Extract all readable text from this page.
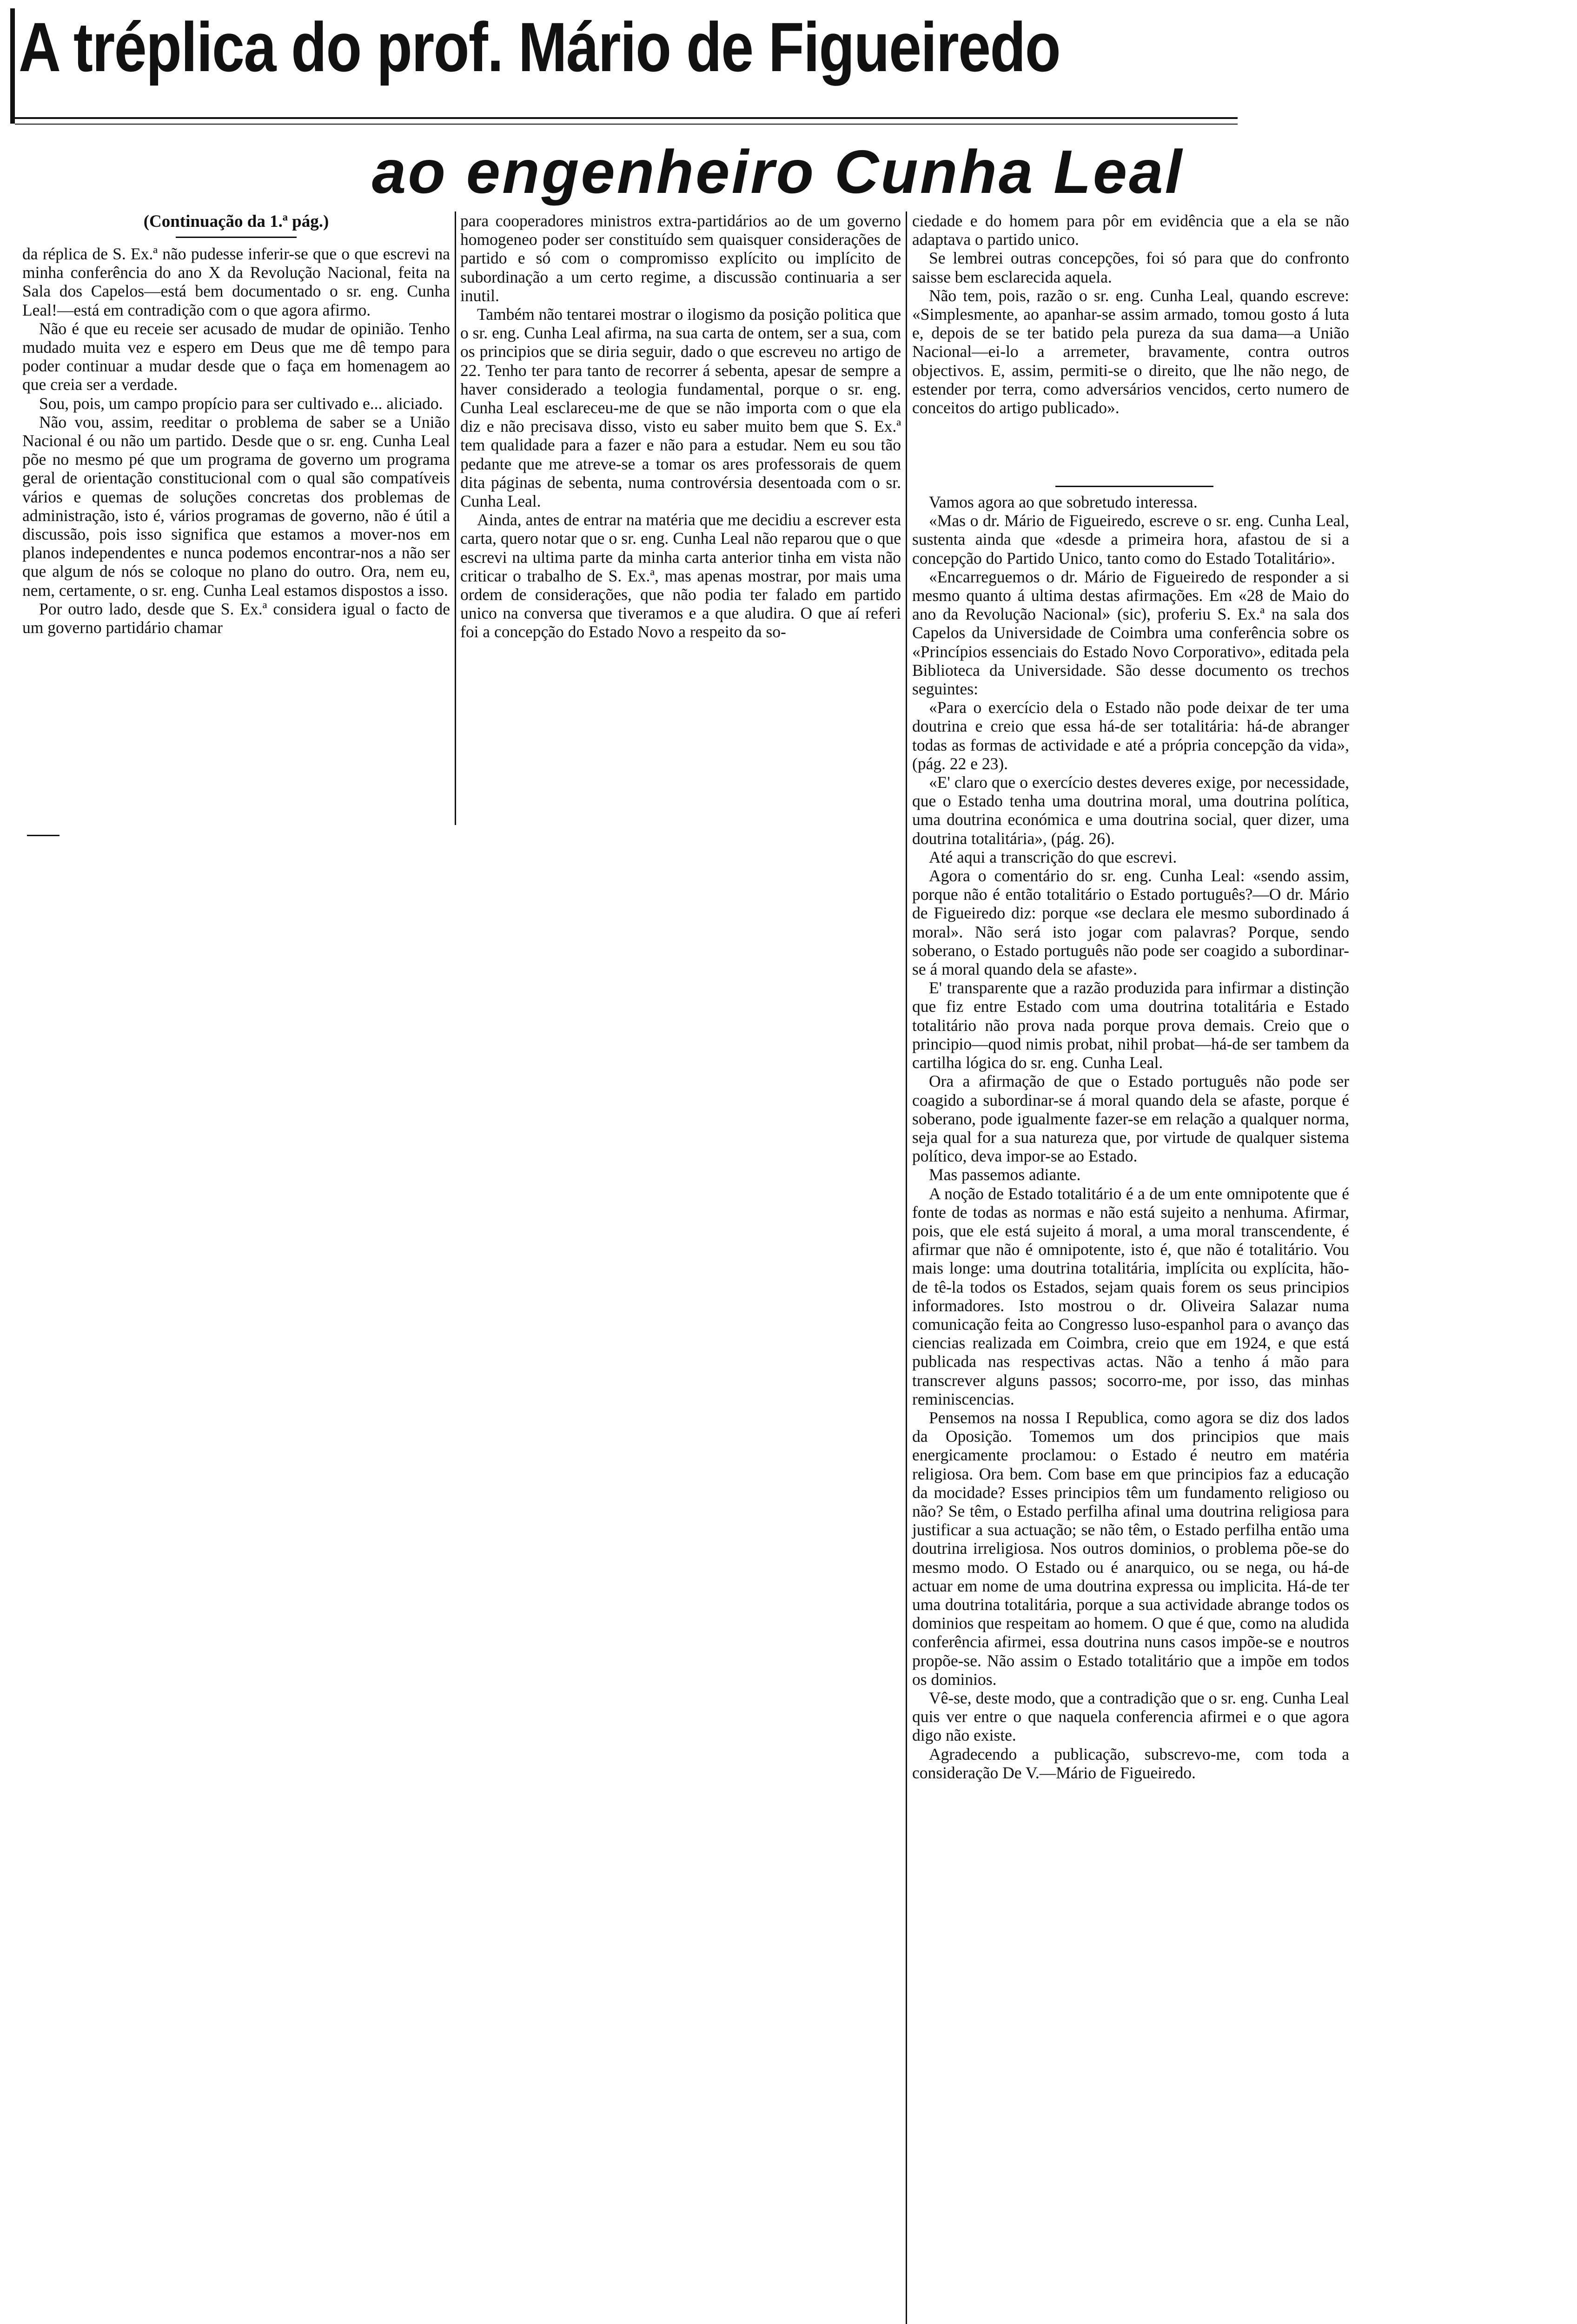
A tréplica do prof. Mário de Figueiredo
ao engenheiro Cunha Leal
(Continuação da 1.ª pág.)

da réplica de S. Ex.ª não pudesse inferir-se que o que escrevi na minha conferência do ano X da Revolução Nacional, feita na Sala dos Capelos—está bem documentado o sr. eng. Cunha Leal!—está em contradição com o que agora afirmo.

Não é que eu receie ser acusado de mudar de opinião. Tenho mudado muita vez e espero em Deus que me dê tempo para poder continuar a mudar desde que o faça em homenagem ao que creia ser a verdade.

Sou, pois, um campo propício para ser cultivado e... aliciado.

Não vou, assim, reeditar o problema de saber se a União Nacional é ou não um partido. Desde que o sr. eng. Cunha Leal põe no mesmo pé que um programa de governo um programa geral de orientação constitucional com o qual são compatíveis vários e quemas de soluções concretas dos problemas de administração, isto é, vários programas de governo, não é útil a discussão, pois isso significa que estamos a mover-nos em planos independentes e nunca podemos encontrar-nos a não ser que algum de nós se coloque no plano do outro. Ora, nem eu, nem, certamente, o sr. eng. Cunha Leal estamos dispostos a isso.

Por outro lado, desde que S. Ex.ª considera igual o facto de um governo partidário chamar

para cooperadores ministros extra-partidários ao de um governo homogeneo poder ser constituído sem quaisquer considerações de partido e só com o compromisso explícito ou implícito de subordinação a um certo regime, a discussão continuaria a ser inutil.

Também não tentarei mostrar o ilogismo da posição politica que o sr. eng. Cunha Leal afirma, na sua carta de ontem, ser a sua, com os principios que se diria seguir, dado o que escreveu no artigo de 22. Tenho ter para tanto de recorrer á sebenta, apesar de sempre a haver considerado a teologia fundamental, porque o sr. eng. Cunha Leal esclareceu-me de que se não importa com o que ela diz e não precisava disso, visto eu saber muito bem que S. Ex.ª tem qualidade para a fazer e não para a estudar. Nem eu sou tão pedante que me atreve-se a tomar os ares professorais de quem dita páginas de sebenta, numa controvérsia desentoada com o sr. Cunha Leal.

Ainda, antes de entrar na matéria que me decidiu a escrever esta carta, quero notar que o sr. eng. Cunha Leal não reparou que o que escrevi na ultima parte da minha carta anterior tinha em vista não criticar o trabalho de S. Ex.ª, mas apenas mostrar, por mais uma ordem de considerações, que não podia ter falado em partido unico na conversa que tiveramos e a que aludira. O que aí referi foi a concepção do Estado Novo a respeito da so-

ciedade e do homem para pôr em evidência que a ela se não adaptava o partido unico.

Se lembrei outras concepções, foi só para que do confronto saisse bem esclarecida aquela.

Não tem, pois, razão o sr. eng. Cunha Leal, quando escreve: «Simplesmente, ao apanhar-se assim armado, tomou gosto á luta e, depois de se ter batido pela pureza da sua dama—a União Nacional—ei-lo a arremeter, bravamente, contra outros objectivos. E, assim, permiti-se o direito, que lhe não nego, de estender por terra, como adversários vencidos, certo numero de conceitos do artigo publicado».

Vamos agora ao que sobretudo interessa.

«Mas o dr. Mário de Figueiredo, escreve o sr. eng. Cunha Leal, sustenta ainda que «desde a primeira hora, afastou de si a concepção do Partido Unico, tanto como do Estado Totalitário».

«Encarreguemos o dr. Mário de Figueiredo de responder a si mesmo quanto á ultima destas afirmações. Em «28 de Maio do ano da Revolução Nacional» (sic), proferiu S. Ex.ª na sala dos Capelos da Universidade de Coimbra uma conferência sobre os «Princípios essenciais do Estado Novo Corporativo», editada pela Biblioteca da Universidade. São desse documento os trechos seguintes:

«Para o exercício dela o Estado não pode deixar de ter uma doutrina e creio que essa há-de ser totalitária: há-de abranger todas as formas de actividade e até a própria concepção da vida», (pág. 22 e 23).

«E' claro que o exercício destes deveres exige, por necessidade, que o Estado tenha uma doutrina moral, uma doutrina política, uma doutrina económica e uma doutrina social, quer dizer, uma doutrina totalitária», (pág. 26).

Até aqui a transcrição do que escrevi.

Agora o comentário do sr. eng. Cunha Leal: «sendo assim, porque não é então totalitário o Estado português?—O dr. Mário de Figueiredo diz: porque «se declara ele mesmo subordinado á moral». Não será isto jogar com palavras? Porque, sendo soberano, o Estado português não pode ser coagido a subordinar-se á moral quando dela se afaste».

E' transparente que a razão produzida para infirmar a distinção que fiz entre Estado com uma doutrina totalitária e Estado totalitário não prova nada porque prova demais. Creio que o principio—quod nimis probat, nihil probat—há-de ser tambem da cartilha lógica do sr. eng. Cunha Leal.

Ora a afirmação de que o Estado português não pode ser coagido a subordinar-se á moral quando dela se afaste, porque é soberano, pode igualmente fazer-se em relação a qualquer norma, seja qual for a sua natureza que, por virtude de qualquer sistema político, deva impor-se ao Estado.

Mas passemos adiante.

A noção de Estado totalitário é a de um ente omnipotente que é fonte de todas as normas e não está sujeito a nenhuma. Afirmar, pois, que ele está sujeito á moral, a uma moral transcendente, é afirmar que não é omnipotente, isto é, que não é totalitário. Vou mais longe: uma doutrina totalitária, implícita ou explícita, hão-de tê-la todos os Estados, sejam quais forem os seus principios informadores. Isto mostrou o dr. Oliveira Salazar numa comunicação feita ao Congresso luso-espanhol para o avanço das ciencias realizada em Coimbra, creio que em 1924, e que está publicada nas respectivas actas. Não a tenho á mão para transcrever alguns passos; socorro-me, por isso, das minhas reminiscencias.

Pensemos na nossa I Republica, como agora se diz dos lados da Oposição. Tomemos um dos principios que mais energicamente proclamou: o Estado é neutro em matéria religiosa. Ora bem. Com base em que principios faz a educação da mocidade? Esses principios têm um fundamento religioso ou não? Se têm, o Estado perfilha afinal uma doutrina religiosa para justificar a sua actuação; se não têm, o Estado perfilha então uma doutrina irreligiosa. Nos outros dominios, o problema põe-se do mesmo modo. O Estado ou é anarquico, ou se nega, ou há-de actuar em nome de uma doutrina expressa ou implicita. Há-de ter uma doutrina totalitária, porque a sua actividade abrange todos os dominios que respeitam ao homem. O que é que, como na aludida conferência afirmei, essa doutrina nuns casos impõe-se e noutros propõe-se. Não assim o Estado totalitário que a impõe em todos os dominios.

Vê-se, deste modo, que a contradição que o sr. eng. Cunha Leal quis ver entre o que naquela conferencia afirmei e o que agora digo não existe.

Agradecendo a publicação, subscrevo-me, com toda a consideração De V.—Mário de Figueiredo.
